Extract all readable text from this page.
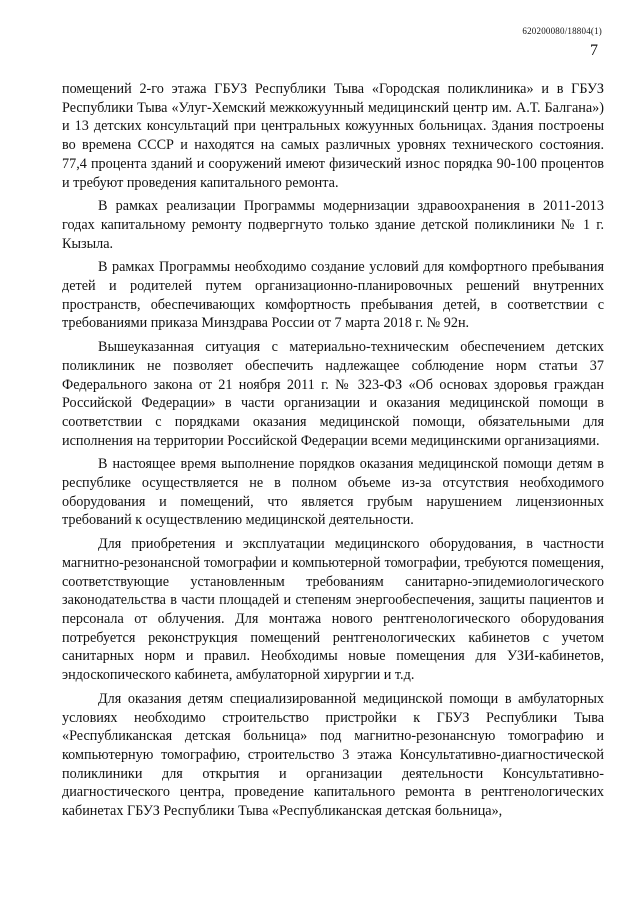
620200080/18804(1)
7

помещений 2-го этажа ГБУЗ Республики Тыва «Городская поликлиника» и в ГБУЗ Республики Тыва «Улуг-Хемский межкожуунный медицинский центр им. А.Т. Балгана») и 13 детских консультаций при центральных кожуунных больницах. Здания построены во времена СССР и находятся на самых различных уровнях технического состояния. 77,4 процента зданий и сооружений имеют физический износ порядка 90-100 процентов и требуют проведения капитального ремонта.

В рамках реализации Программы модернизации здравоохранения в 2011-2013 годах капитальному ремонту подвергнуто только здание детской поликлиники № 1 г. Кызыла.

В рамках Программы необходимо создание условий для комфортного пребывания детей и родителей путем организационно-планировочных решений внутренних пространств, обеспечивающих комфортность пребывания детей, в соответствии с требованиями приказа Минздрава России от 7 марта 2018 г. № 92н.

Вышеуказанная ситуация с материально-техническим обеспечением детских поликлиник не позволяет обеспечить надлежащее соблюдение норм статьи 37 Федерального закона от 21 ноября 2011 г. № 323-ФЗ «Об основах здоровья граждан Российской Федерации» в части организации и оказания медицинской помощи в соответствии с порядками оказания медицинской помощи, обязательными для исполнения на территории Российской Федерации всеми медицинскими организациями.

В настоящее время выполнение порядков оказания медицинской помощи детям в республике осуществляется не в полном объеме из-за отсутствия необходимого оборудования и помещений, что является грубым нарушением лицензионных требований к осуществлению медицинской деятельности.

Для приобретения и эксплуатации медицинского оборудования, в частности магнитно-резонансной томографии и компьютерной томографии, требуются помещения, соответствующие установленным требованиям санитарно-эпидемиологического законодательства в части площадей и степеням энергообеспечения, защиты пациентов и персонала от облучения. Для монтажа нового рентгенологического оборудования потребуется реконструкция помещений рентгенологических кабинетов с учетом санитарных норм и правил. Необходимы новые помещения для УЗИ-кабинетов, эндоскопического кабинета, амбулаторной хирургии и т.д.

Для оказания детям специализированной медицинской помощи в амбулаторных условиях необходимо строительство пристройки к ГБУЗ Республики Тыва «Республиканская детская больница» под магнитно-резонансную томографию и компьютерную томографию, строительство 3 этажа Консультативно-диагностической поликлиники для открытия и организации деятельности Консультативно-диагностического центра, проведение капитального ремонта в рентгенологических кабинетах ГБУЗ Республики Тыва «Республиканская детская больница»,
